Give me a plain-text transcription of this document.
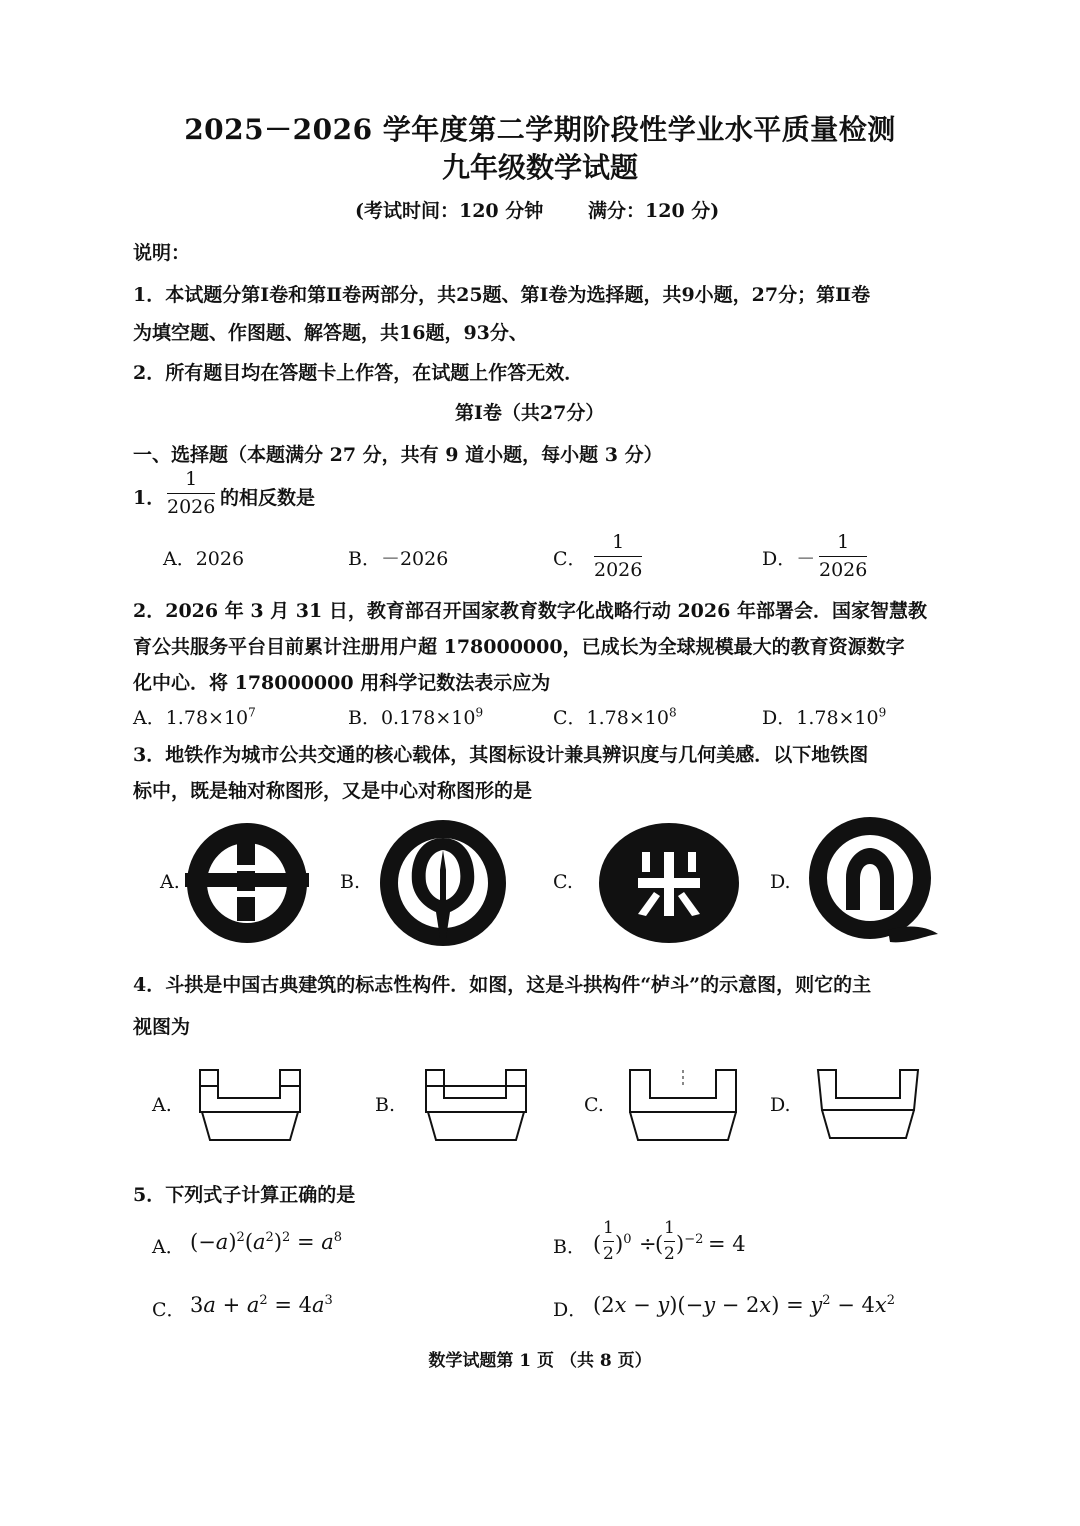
2025－2026 学年度第二学期阶段性学业水平质量检测
九年级数学试题
(考试时间：120 分钟 满分：120 分)
说明：
1．本试题分第Ⅰ卷和第Ⅱ卷两部分，共25题、第Ⅰ卷为选择题，共9小题，27分；第Ⅱ卷
为填空题、作图题、解答题，共16题，93分、
2．所有题目均在答题卡上作答，在试题上作答无效．
第Ⅰ卷（共27分）
一、选择题（本题满分 27 分，共有 9 道小题，每小题 3 分）
1．
1
2026 的相反数是
A．2026	B．－2026	C．
1
2026	D．－
1
2026
2．2026 年 3 月 31 日，教育部召开国家教育数字化战略行动 2026 年部署会．国家智慧教
育公共服务平台目前累计注册用户超 178000000，已成长为全球规模最大的教育资源数字
化中心．将 178000000 用科学记数法表示应为
A．$1.78\times 10^7$	B．$0.178\times 10^9$	C．$1.78\times 10^8$	D．$1.78\times 10^9$
3．地铁作为城市公共交通的核心载体，其图标设计兼具辨识度与几何美感．以下地铁图
标中，既是轴对称图形，又是中心对称图形的是
A.	B.	C.	D.
4．斗拱是中国古典建筑的标志性构件．如图，这是斗拱构件“栌斗”的示意图，则它的主
视图为
A.	B.	C.	D.
5．下列式子计算正确的是
A． $(-a)^2(a^2)^2 = a^8$	B． (
1
2 )$^0$ ÷
(
1
2 )$^{-2}$ = 4
C． $3a + a^2 = 4a^3$	D． $(2x - y)(-y - 2x) = y^2 - 4x^2$
数学试题第 1 页 （共 8 页）
